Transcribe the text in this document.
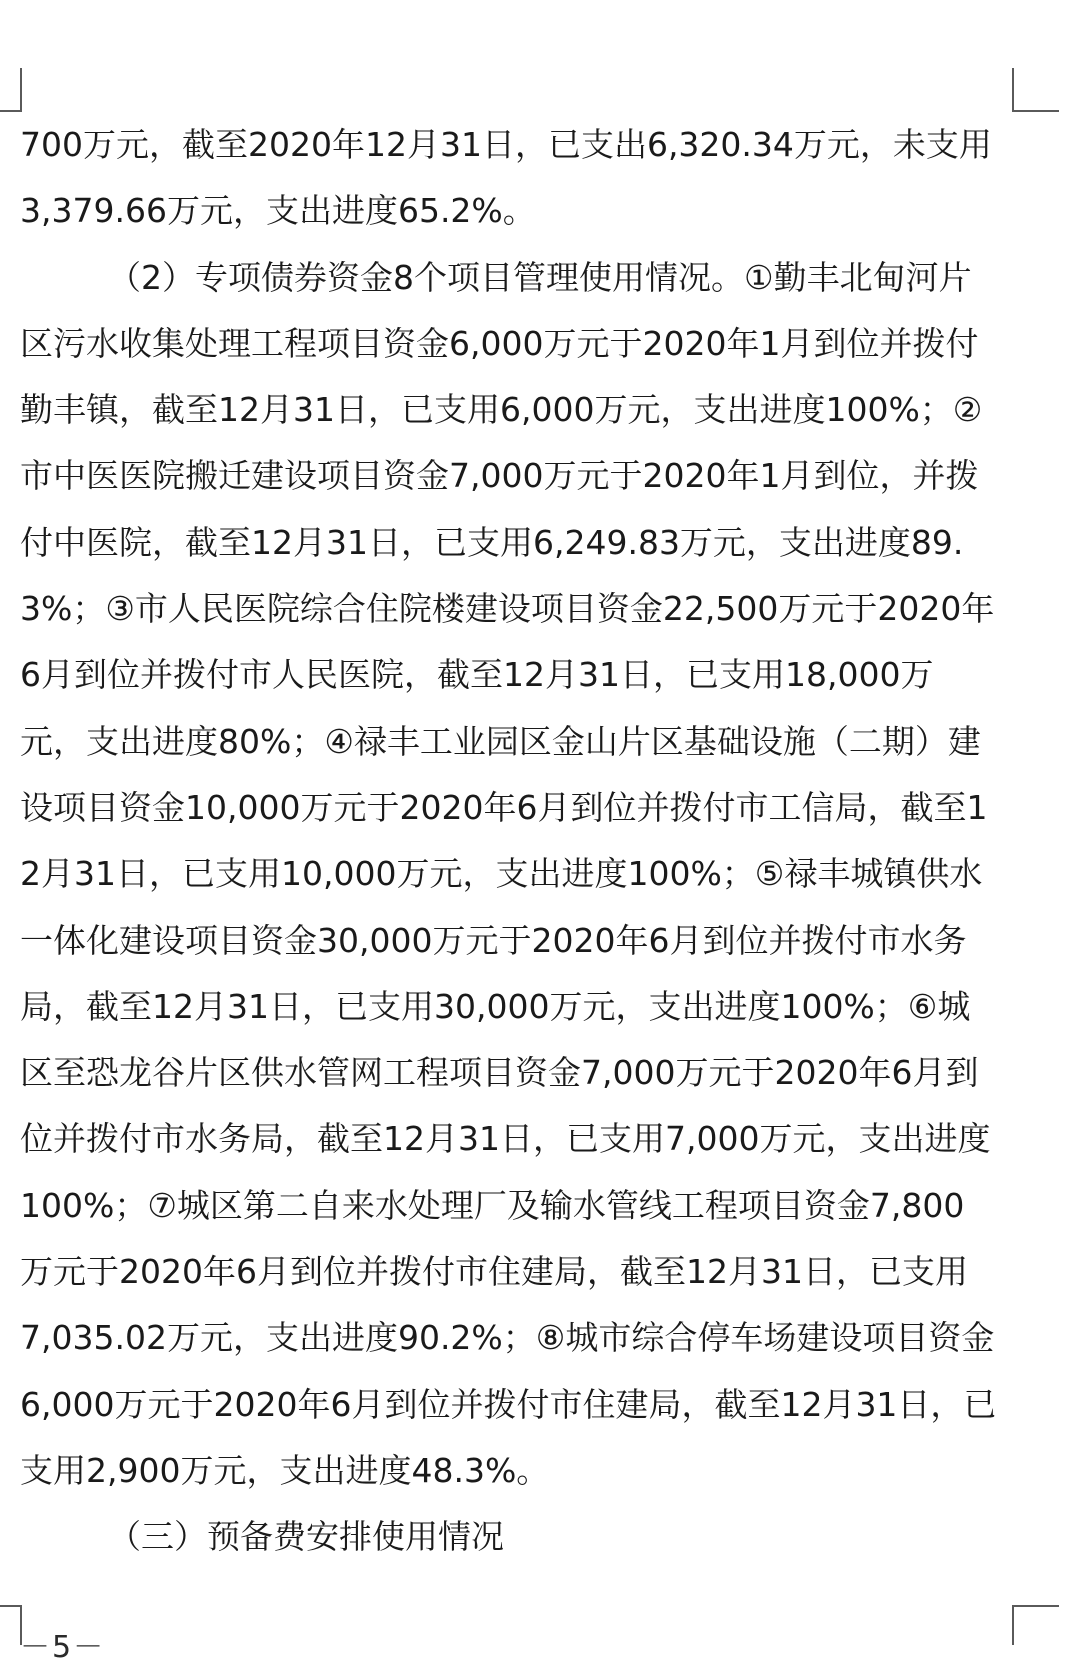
700万元，截至2020年12月31日，已支出6,320.34万元，未支用
3,379.66万元，支出进度65.2%。
（2）专项债券资金8个项目管理使用情况。①勤丰北甸河片
区污水收集处理工程项目资金6,000万元于2020年1月到位并拨付
勤丰镇，截至12月31日，已支用6,000万元，支出进度100%；②
市中医医院搬迁建设项目资金7,000万元于2020年1月到位，并拨
付中医院，截至12月31日，已支用6,249.83万元，支出进度89.
3%；③市人民医院综合住院楼建设项目资金22,500万元于2020年
6月到位并拨付市人民医院，截至12月31日，已支用18,000万
元，支出进度80%；④禄丰工业园区金山片区基础设施（二期）建
设项目资金10,000万元于2020年6月到位并拨付市工信局，截至1
2月31日，已支用10,000万元，支出进度100%；⑤禄丰城镇供水
一体化建设项目资金30,000万元于2020年6月到位并拨付市水务
局，截至12月31日，已支用30,000万元，支出进度100%；⑥城
区至恐龙谷片区供水管网工程项目资金7,000万元于2020年6月到
位并拨付市水务局，截至12月31日，已支用7,000万元，支出进度
100%；⑦城区第二自来水处理厂及输水管线工程项目资金7,800
万元于2020年6月到位并拨付市住建局，截至12月31日，已支用
7,035.02万元，支出进度90.2%；⑧城市综合停车场建设项目资金
6,000万元于2020年6月到位并拨付市住建局，截至12月31日，已
支用2,900万元，支出进度48.3%。
（三）预备费安排使用情况
－5－
